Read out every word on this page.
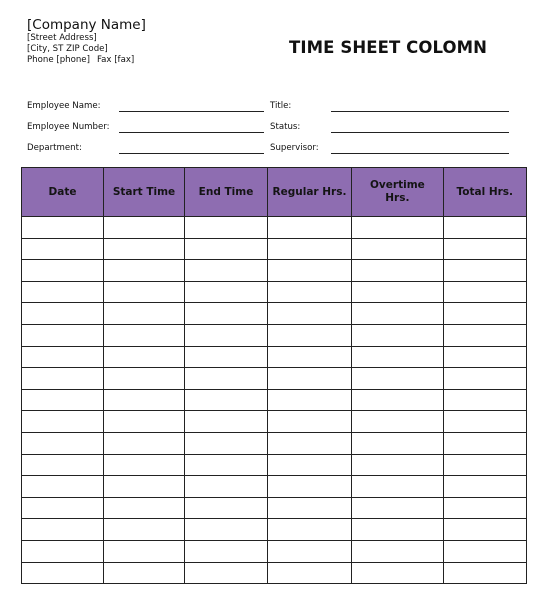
[Company Name]
[Street Address]
[City, ST ZIP Code]
Phone [phone] Fax [fax]
TIME SHEET COLOMN
Employee Name:	Title:
Employee Number:	Status:
Department:	Supervisor:
Date	Start Time	End Time	Regular Hrs.	Overtime Hrs.	Total Hrs.
